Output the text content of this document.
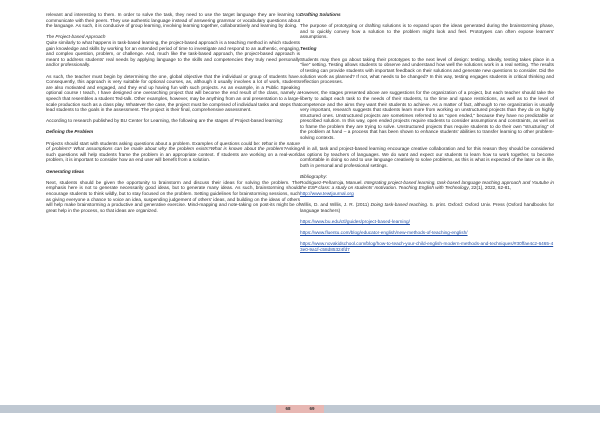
relevant and interesting to them. In order to solve the task, they need to use the target language they are learning to communicate with their peers. They use authentic language instead of answering grammar or vocabulary questions about the language. As such, it is conducive of group learning, involving learning together, collaboratively and learning by doing.

The Project-based Approach

Quite similarly to what happens in task-based learning, the project-based approach is a teaching method in which students gain knowledge and skills by working for an extended period of time to investigate and respond to an authentic, engaging, and complex question, problem, or challenge. And, much like the task-based approach, the project-based approach is meant to address students' real needs by applying language to the skills and competencies they truly need personally and/or professionally.

As such, the teacher must begin by determining the one, global objective that the individual or group of students have. Consequently, this approach is very suitable for optional courses, as, although it usually involves a lot of work, students are also motivated and engaged, and they end up having fun with such projects. As an example, in a Public Speaking optional course I teach, I have designed one overarching project that will become the end result of the class, namely a speech that resembles a student Ted-talk. Other examples, however, may be anything from an oral presentation to a large-scale production such as a class play. Whatever the case, the project must be comprised of individual tasks and steps that lead students to the goals in the assessment. The project is their final, comprehensive assessment.

According to research published by BU Center for Learning, the following are the stages of Project-based learning:

Defining the Problem

Projects should start with students asking questions about a problem. Examples of questions could be: What is the nature of problem? What assumptions can be made about why the problem exists?What is known about the problem?Asking such questions will help students frame the problem in an appropriate context. If students are working on a real-world problem, it is important to consider how an end user will benefit from a solution.

Generating Ideas

Next, students should be given the opportunity to brainstorm and discuss their ideas for solving the problem. The emphasis here is not to generate necessarily good ideas, but to generate many ideas. As such, brainstorming should encourage students to think wildly, but to stay focused on the problem. Setting guidelines for brainstorming sessions, such as giving everyone a chance to voice an idea, suspending judgement of others' ideas, and building on the ideas of others will help make brainstorming a productive and generative exercise. Mind-mapping and note-taking on post-its might be of great help in the process, so that ideas are organized.

Drafting Solutions

The purpose of prototyping or drafting solutions is to expand upon the ideas generated during the brainstorming phase, and to quickly convey how a solution to the problem might look and feel. Prototypes can often expose learners' assumptions.

Testing

Students may then go about taking their prototypes to the next level of design: testing. Ideally, testing takes place in a "live" setting. Testing allows students to observe and understand how well the solutions work in a real setting. The results of testing can provide students with important feedback on their solutions and generate new questions to consider. Did the solution work as planned? If not, what needs to be changed? In this way, testing engages students in critical thinking and reflection processes.

However, the stages presented above are suggestions for the organization of a project, but each teacher should take the liberty to adapt each task to the needs of their students, to the time and space restrictions, as well as to the level of competence and the aims they want their students to achieve. As a matter of fact, although to me organization is usually very important, research suggests that students learn more from working on unstructured projects than they do on highly structured ones. Unstructured projects are sometimes referred to as "open ended," because they have no predictable or prescribed solution. In this way, open ended projects require students to consider assumptions and constraints, as well as to frame the problem they are trying to solve. Unstructured projects thus require students to do their own "structuring" of the problem at hand – a process that has been shown to enhance students' abilities to transfer learning to other problem-solving contexts.

All in all, task and project-based learning encourage creative collaboration and for this reason they should be considered as options by teachers of languages. We do want and expect our students to learn how to work together, to become comfortable in doing so and to use language creatively to solve problems, as this is what is expected of the later on in life, both in personal and professional settings.

Bibliography:

Rodriguez-Peñarroja, Manuel. Integrating project-based learning, task-based language teaching approach and Youtube in the ESP class: a study on students' motivation. Teaching English with Technology, 22(1), 2022, 62-81,

http://www.tewtjournal.org

Willis, D. and Willis, J. R. (2011) Doing task-based teaching. 5. print. Oxford: Oxford Univ. Press (Oxford handbooks for language teachers)

https://www.bu.edu/ctl/guides/project-based-learning/

https://www.fluentu.com/blog/educator-english/new-methods-of-teaching-english/

https://www.novakidschool.com/blog/how-to-teach-your-child-english-modern-methods-and-techniques/#30ffae4c2-6465-43e0-9a1f-c58d85324fd7

68	69
